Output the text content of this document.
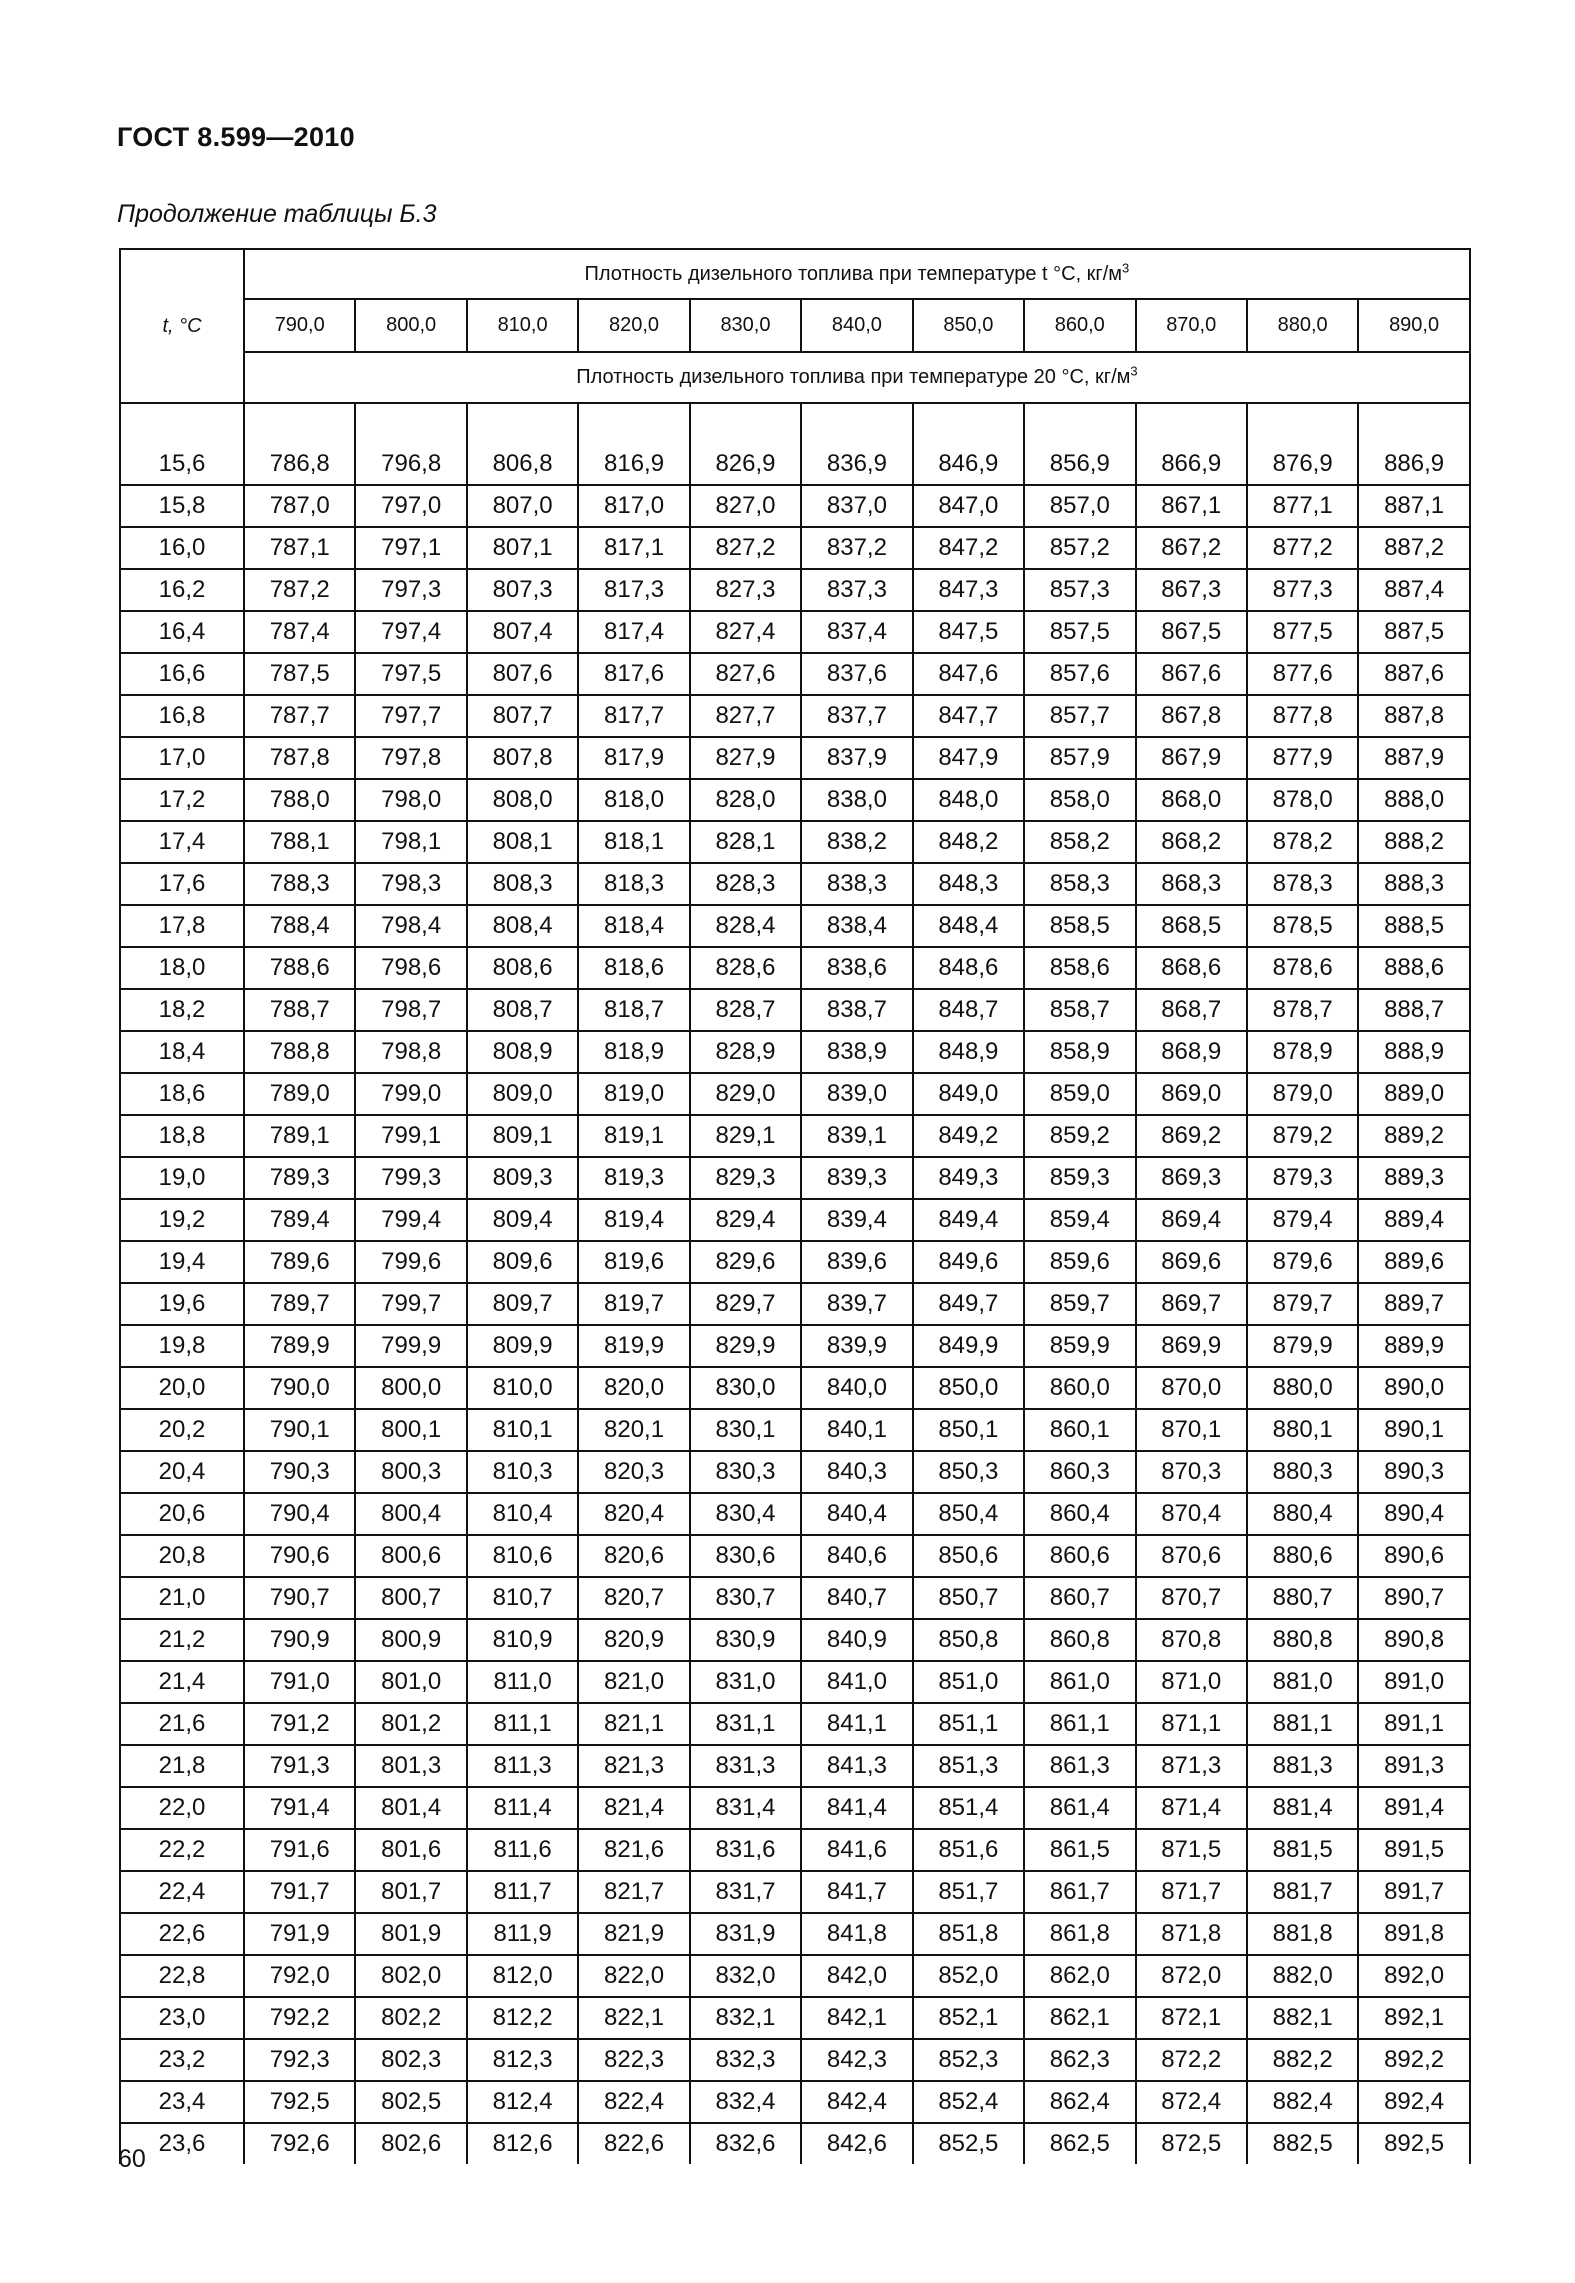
ГОСТ 8.599—2010
Продолжение таблицы Б.3
t, °C	Плотность дизельного топлива при температуре t °С, $кг/м^3$
	790,0	800,0	810,0	820,0	830,0	840,0	850,0	860,0	870,0	880,0	890,0
	Плотность дизельного топлива при температуре 20 °С, $кг/м^3$

15,6	786,8	796,8	806,8	816,9	826,9	836,9	846,9	856,9	866,9	876,9	886,9
15,8	787,0	797,0	807,0	817,0	827,0	837,0	847,0	857,0	867,1	877,1	887,1
16,0	787,1	797,1	807,1	817,1	827,2	837,2	847,2	857,2	867,2	877,2	887,2
16,2	787,2	797,3	807,3	817,3	827,3	837,3	847,3	857,3	867,3	877,3	887,4
16,4	787,4	797,4	807,4	817,4	827,4	837,4	847,5	857,5	867,5	877,5	887,5
16,6	787,5	797,5	807,6	817,6	827,6	837,6	847,6	857,6	867,6	877,6	887,6
16,8	787,7	797,7	807,7	817,7	827,7	837,7	847,7	857,7	867,8	877,8	887,8
17,0	787,8	797,8	807,8	817,9	827,9	837,9	847,9	857,9	867,9	877,9	887,9
17,2	788,0	798,0	808,0	818,0	828,0	838,0	848,0	858,0	868,0	878,0	888,0
17,4	788,1	798,1	808,1	818,1	828,1	838,2	848,2	858,2	868,2	878,2	888,2
17,6	788,3	798,3	808,3	818,3	828,3	838,3	848,3	858,3	868,3	878,3	888,3
17,8	788,4	798,4	808,4	818,4	828,4	838,4	848,4	858,5	868,5	878,5	888,5
18,0	788,6	798,6	808,6	818,6	828,6	838,6	848,6	858,6	868,6	878,6	888,6
18,2	788,7	798,7	808,7	818,7	828,7	838,7	848,7	858,7	868,7	878,7	888,7
18,4	788,8	798,8	808,9	818,9	828,9	838,9	848,9	858,9	868,9	878,9	888,9
18,6	789,0	799,0	809,0	819,0	829,0	839,0	849,0	859,0	869,0	879,0	889,0
18,8	789,1	799,1	809,1	819,1	829,1	839,1	849,2	859,2	869,2	879,2	889,2
19,0	789,3	799,3	809,3	819,3	829,3	839,3	849,3	859,3	869,3	879,3	889,3
19,2	789,4	799,4	809,4	819,4	829,4	839,4	849,4	859,4	869,4	879,4	889,4
19,4	789,6	799,6	809,6	819,6	829,6	839,6	849,6	859,6	869,6	879,6	889,6
19,6	789,7	799,7	809,7	819,7	829,7	839,7	849,7	859,7	869,7	879,7	889,7
19,8	789,9	799,9	809,9	819,9	829,9	839,9	849,9	859,9	869,9	879,9	889,9
20,0	790,0	800,0	810,0	820,0	830,0	840,0	850,0	860,0	870,0	880,0	890,0
20,2	790,1	800,1	810,1	820,1	830,1	840,1	850,1	860,1	870,1	880,1	890,1
20,4	790,3	800,3	810,3	820,3	830,3	840,3	850,3	860,3	870,3	880,3	890,3
20,6	790,4	800,4	810,4	820,4	830,4	840,4	850,4	860,4	870,4	880,4	890,4
20,8	790,6	800,6	810,6	820,6	830,6	840,6	850,6	860,6	870,6	880,6	890,6
21,0	790,7	800,7	810,7	820,7	830,7	840,7	850,7	860,7	870,7	880,7	890,7
21,2	790,9	800,9	810,9	820,9	830,9	840,9	850,8	860,8	870,8	880,8	890,8
21,4	791,0	801,0	811,0	821,0	831,0	841,0	851,0	861,0	871,0	881,0	891,0
21,6	791,2	801,2	811,1	821,1	831,1	841,1	851,1	861,1	871,1	881,1	891,1
21,8	791,3	801,3	811,3	821,3	831,3	841,3	851,3	861,3	871,3	881,3	891,3
22,0	791,4	801,4	811,4	821,4	831,4	841,4	851,4	861,4	871,4	881,4	891,4
22,2	791,6	801,6	811,6	821,6	831,6	841,6	851,6	861,5	871,5	881,5	891,5
22,4	791,7	801,7	811,7	821,7	831,7	841,7	851,7	861,7	871,7	881,7	891,7
22,6	791,9	801,9	811,9	821,9	831,9	841,8	851,8	861,8	871,8	881,8	891,8
22,8	792,0	802,0	812,0	822,0	832,0	842,0	852,0	862,0	872,0	882,0	892,0
23,0	792,2	802,2	812,2	822,1	832,1	842,1	852,1	862,1	872,1	882,1	892,1
23,2	792,3	802,3	812,3	822,3	832,3	842,3	852,3	862,3	872,2	882,2	892,2
23,4	792,5	802,5	812,4	822,4	832,4	842,4	852,4	862,4	872,4	882,4	892,4
23,6	792,6	802,6	812,6	822,6	832,6	842,6	852,5	862,5	872,5	882,5	892,5
60
